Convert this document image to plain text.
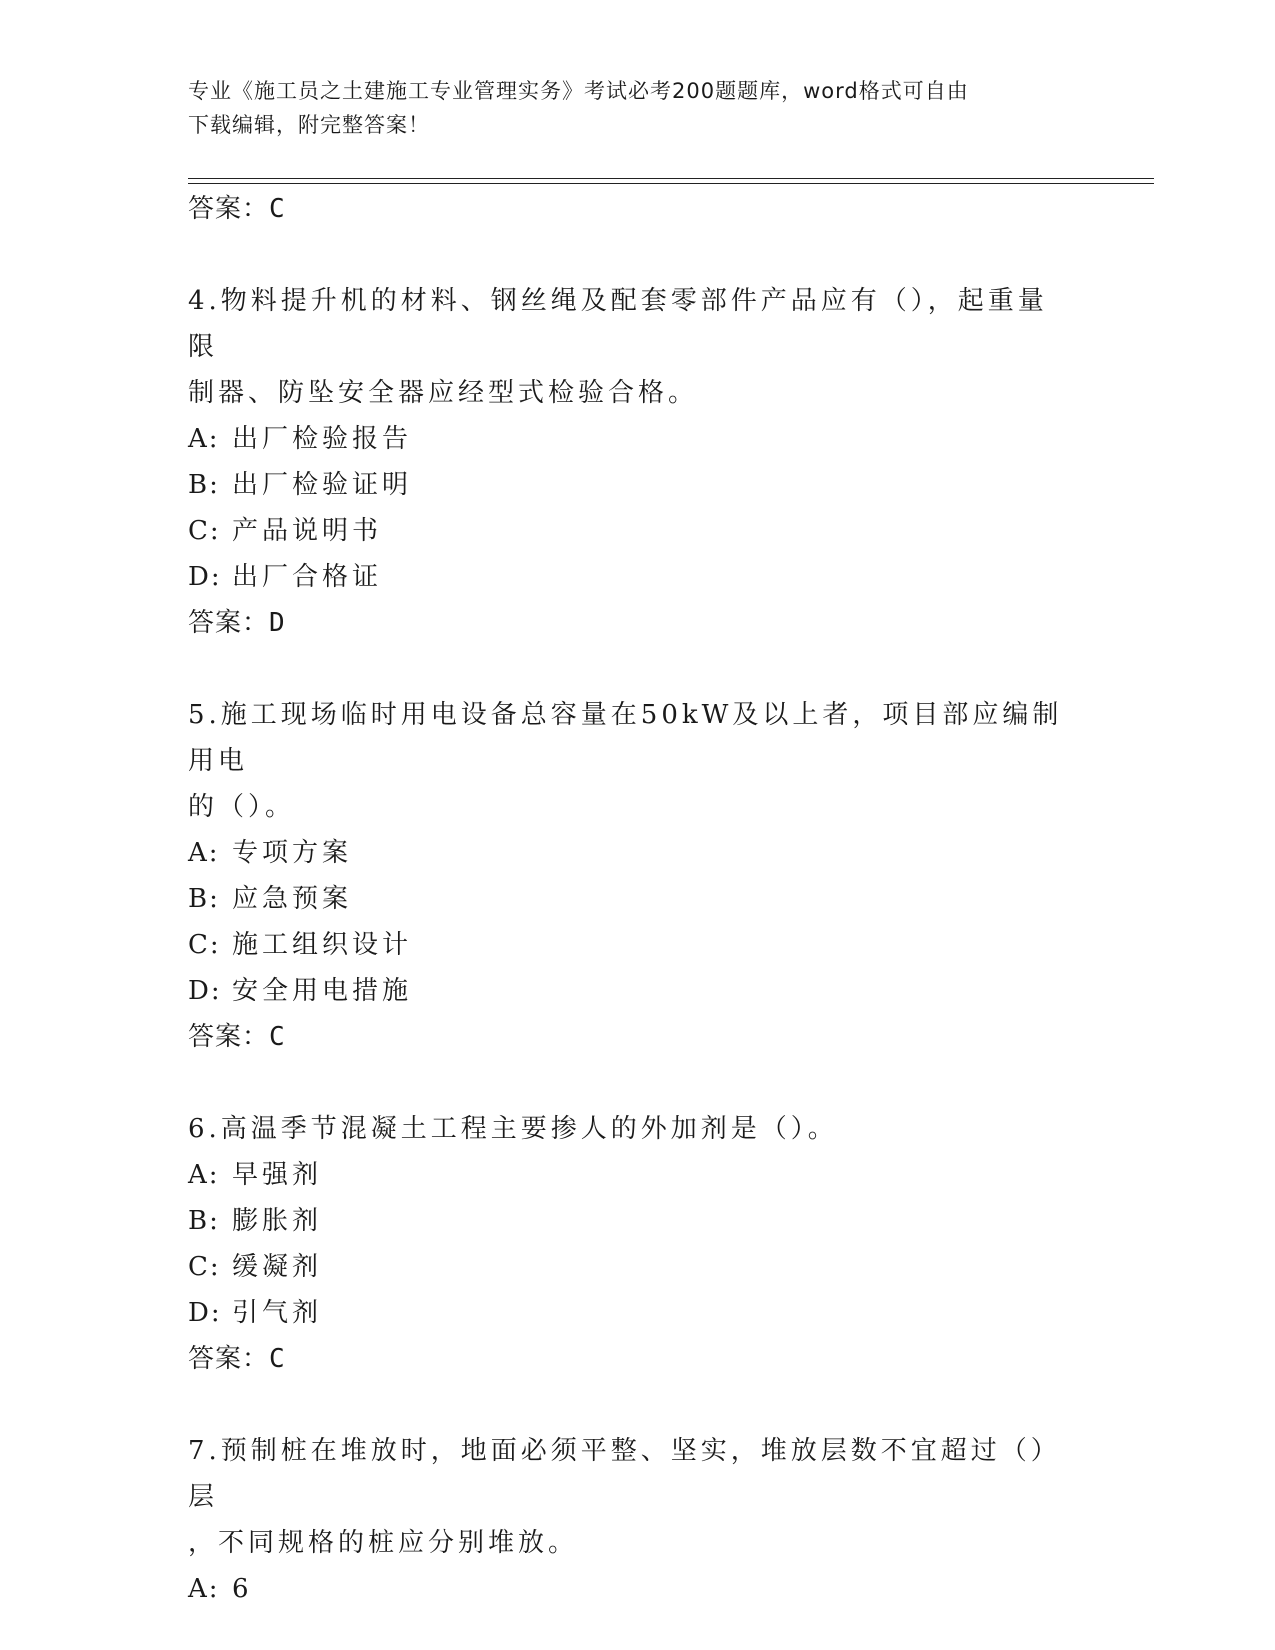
专业《施工员之土建施工专业管理实务》考试必考200题题库，word格式可自由
下载编辑，附完整答案！
答案：C
4.物料提升机的材料、钢丝绳及配套零部件产品应有（），起重量限
制器、防坠安全器应经型式检验合格。
A: 出厂检验报告
B: 出厂检验证明
C: 产品说明书
D: 出厂合格证
答案：D
5.施工现场临时用电设备总容量在50kW及以上者，项目部应编制用电
的（）。
A: 专项方案
B: 应急预案
C: 施工组织设计
D: 安全用电措施
答案：C
6.高温季节混凝土工程主要掺人的外加剂是（）。
A: 早强剂
B: 膨胀剂
C: 缓凝剂
D: 引气剂
答案：C
7.预制桩在堆放时，地面必须平整、坚实，堆放层数不宜超过（）层
，不同规格的桩应分别堆放。
A: 6
